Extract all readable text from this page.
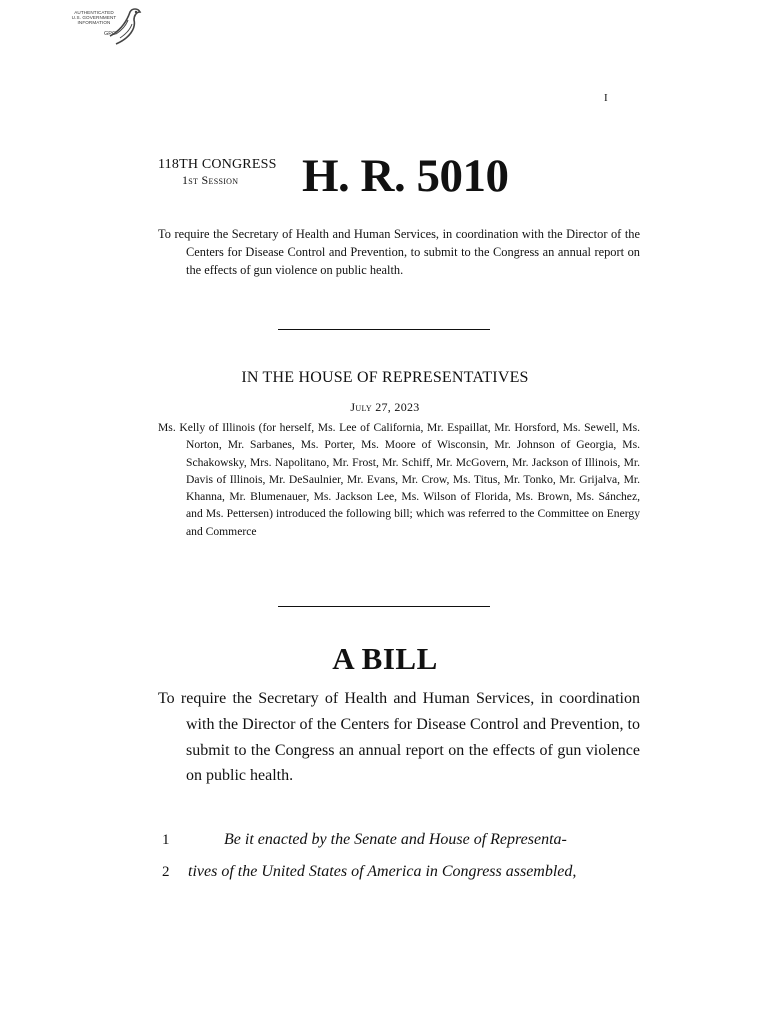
AUTHENTICATED
U.S. GOVERNMENT
INFORMATION
GPO
I
118TH CONGRESS
1st Session H. R. 5010
To require the Secretary of Health and Human Services, in coordination with the Director of the Centers for Disease Control and Prevention, to submit to the Congress an annual report on the effects of gun violence on public health.
IN THE HOUSE OF REPRESENTATIVES
July 27, 2023
Ms. Kelly of Illinois (for herself, Ms. Lee of California, Mr. Espaillat, Mr. Horsford, Ms. Sewell, Ms. Norton, Mr. Sarbanes, Ms. Porter, Ms. Moore of Wisconsin, Mr. Johnson of Georgia, Ms. Schakowsky, Mrs. Napolitano, Mr. Frost, Mr. Schiff, Mr. McGovern, Mr. Jackson of Illinois, Mr. Davis of Illinois, Mr. DeSaulnier, Mr. Evans, Mr. Crow, Ms. Titus, Mr. Tonko, Mr. Grijalva, Mr. Khanna, Mr. Blumenauer, Ms. Jackson Lee, Ms. Wilson of Florida, Ms. Brown, Ms. Sánchez, and Ms. Pettersen) introduced the following bill; which was referred to the Committee on Energy and Commerce
A BILL
To require the Secretary of Health and Human Services, in coordination with the Director of the Centers for Disease Control and Prevention, to submit to the Congress an annual report on the effects of gun violence on public health.
1	Be it enacted by the Senate and House of Representa-
2 tives of the United States of America in Congress assembled,
